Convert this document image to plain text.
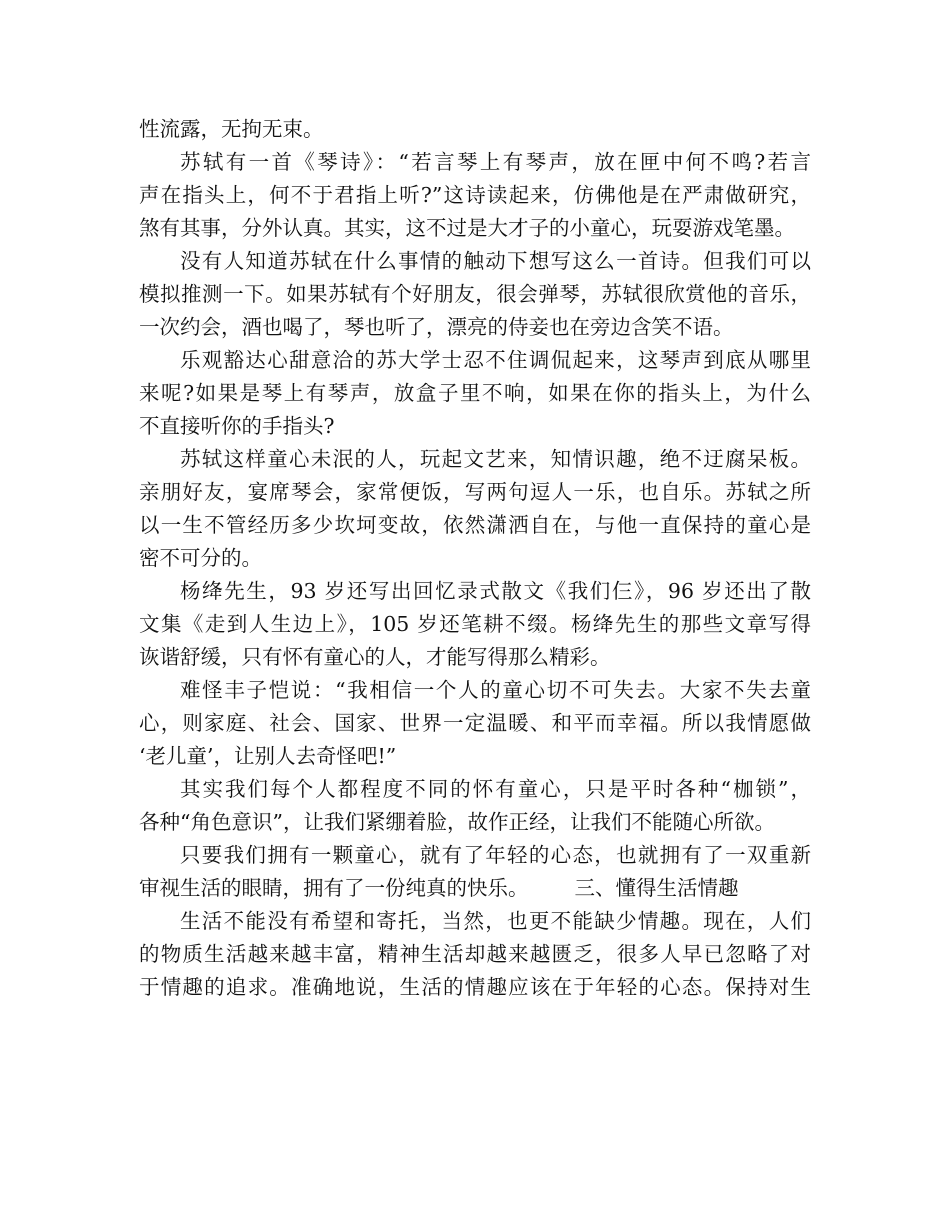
性流露，无拘无束。
苏轼有一首《琴诗》：“若言琴上有琴声，放在匣中何不鸣?若言
声在指头上，何不于君指上听?”这诗读起来，仿佛他是在严肃做研究，
煞有其事，分外认真。其实，这不过是大才子的小童心，玩耍游戏笔墨。
没有人知道苏轼在什么事情的触动下想写这么一首诗。但我们可以
模拟推测一下。如果苏轼有个好朋友，很会弹琴，苏轼很欣赏他的音乐，
一次约会，酒也喝了，琴也听了，漂亮的侍妾也在旁边含笑不语。
乐观豁达心甜意洽的苏大学士忍不住调侃起来，这琴声到底从哪里
来呢?如果是琴上有琴声，放盒子里不响，如果在你的指头上，为什么
不直接听你的手指头?
苏轼这样童心未泯的人，玩起文艺来，知情识趣，绝不迂腐呆板。
亲朋好友，宴席琴会，家常便饭，写两句逗人一乐，也自乐。苏轼之所
以一生不管经历多少坎坷变故，依然潇洒自在，与他一直保持的童心是
密不可分的。
杨绛先生，93 岁还写出回忆录式散文《我们仨》，96 岁还出了散
文集《走到人生边上》，105 岁还笔耕不缀。杨绛先生的那些文章写得
诙谐舒缓，只有怀有童心的人，才能写得那么精彩。
难怪丰子恺说：“我相信一个人的童心切不可失去。大家不失去童
心，则家庭、社会、国家、世界一定温暖、和平而幸福。所以我情愿做
‘老儿童’，让别人去奇怪吧!”
其实我们每个人都程度不同的怀有童心，只是平时各种“枷锁”，
各种“角色意识”，让我们紧绷着脸，故作正经，让我们不能随心所欲。
只要我们拥有一颗童心，就有了年轻的心态，也就拥有了一双重新
审视生活的眼睛，拥有了一份纯真的快乐。 三、懂得生活情趣
生活不能没有希望和寄托，当然，也更不能缺少情趣。现在，人们
的物质生活越来越丰富，精神生活却越来越匮乏，很多人早已忽略了对
于情趣的追求。准确地说，生活的情趣应该在于年轻的心态。保持对生
